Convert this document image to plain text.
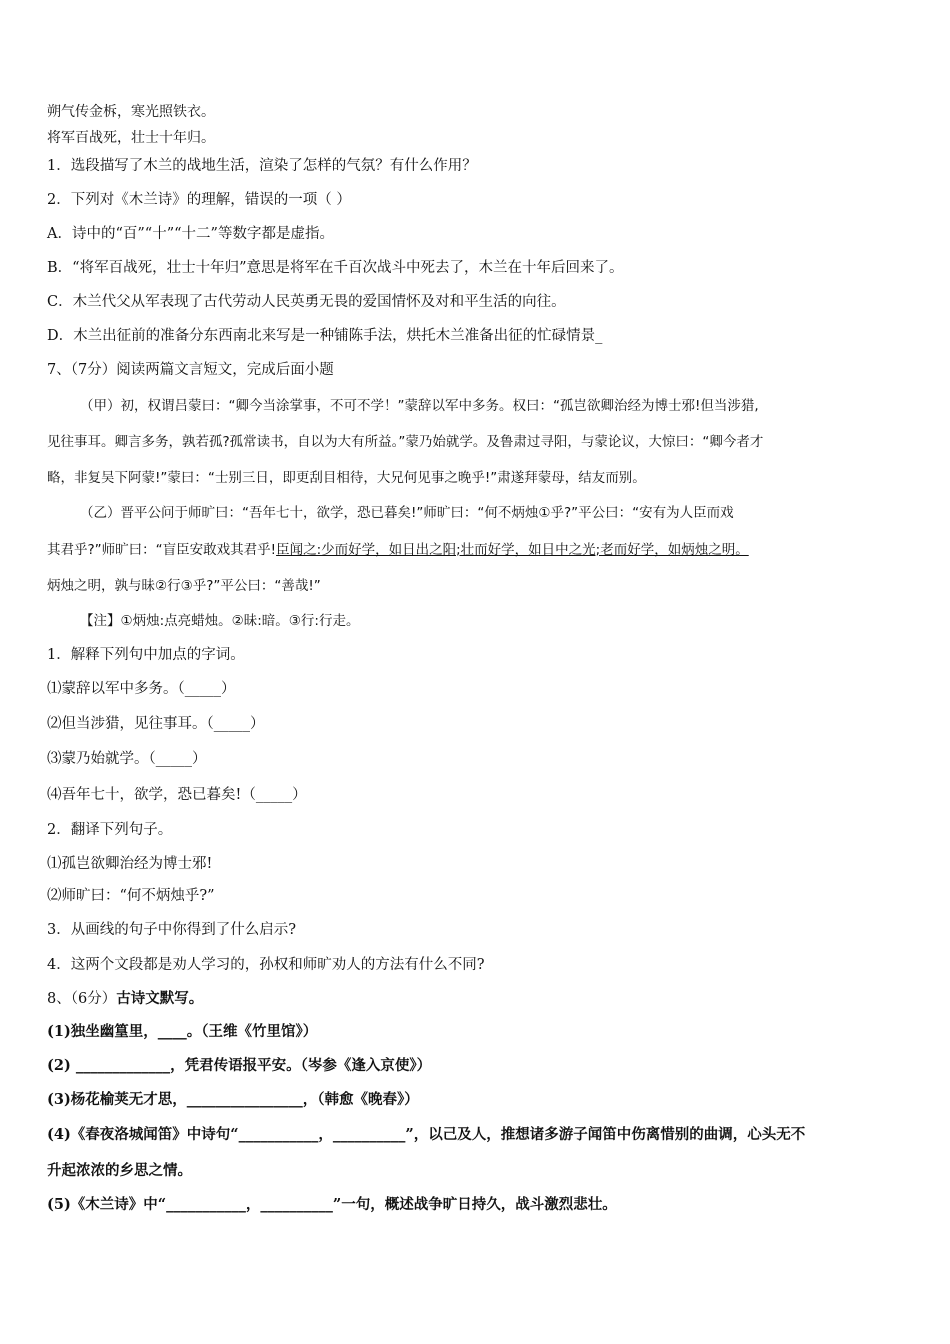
朔气传金柝，寒光照铁衣。
将军百战死，壮士十年归。
1．选段描写了木兰的战地生活，渲染了怎样的气氛？有什么作用？
2．下列对《木兰诗》的理解，错误的一项（ ）
A．诗中的“百”“十”“十二”等数字都是虚指。
B．“将军百战死，壮士十年归”意思是将军在千百次战斗中死去了，木兰在十年后回来了。
C．木兰代父从军表现了古代劳动人民英勇无畏的爱国情怀及对和平生活的向往。
D．木兰出征前的准备分东西南北来写是一种铺陈手法，烘托木兰准备出征的忙碌情景_
7、（7分）阅读两篇文言短文，完成后面小题
（甲）初，权谓吕蒙曰：“卿今当涂掌事，不可不学！”蒙辞以军中多务。权曰：“孤岂欲卿治经为博士邪!但当涉猎,
见往事耳。卿言多务，孰若孤?孤常读书，自以为大有所益。”蒙乃始就学。及鲁肃过寻阳，与蒙论议，大惊曰：“卿今者才
略，非复吴下阿蒙!”蒙曰：“士别三日，即更刮目相待，大兄何见事之晚乎!”肃遂拜蒙母，结友而别。
（乙）晋平公问于师旷曰：“吾年七十，欲学，恐已暮矣!”师旷曰：“何不炳烛①乎?”平公曰：“安有为人臣而戏
其君乎?”师旷曰：“盲臣安敢戏其君乎!臣闻之:少而好学，如日出之阳;壮而好学，如日中之光;老而好学，如炳烛之明。
炳烛之明，孰与昧②行③乎?”平公曰：“善哉!”
【注】①炳烛:点亮蜡烛。②昧:暗。③行:行走。
1．解释下列句中加点的字词。
⑴蒙辞以军中多务。（_____）
⑵但当涉猎，见往事耳。（_____）
⑶蒙乃始就学。（_____）
⑷吾年七十，欲学，恐已暮矣!（_____）
2．翻译下列句子。
⑴孤岂欲卿治经为博士邪!
⑵师旷曰：“何不炳烛乎?”
3．从画线的句子中你得到了什么启示?
4．这两个文段都是劝人学习的，孙权和师旷劝人的方法有什么不同?
8、（6分）古诗文默写。
(1)独坐幽篁里，____。（王维《竹里馆》）
(2) _____________，凭君传语报平安。（岑参《逢入京使》）
(3)杨花榆荚无才思，________________，（韩愈《晚春》）
(4)《春夜洛城闻笛》中诗句“___________，__________”，以己及人，推想诸多游子闻笛中伤离惜别的曲调，心头无不
升起浓浓的乡思之情。
(5)《木兰诗》中“___________，__________”一句，概述战争旷日持久，战斗激烈悲壮。
